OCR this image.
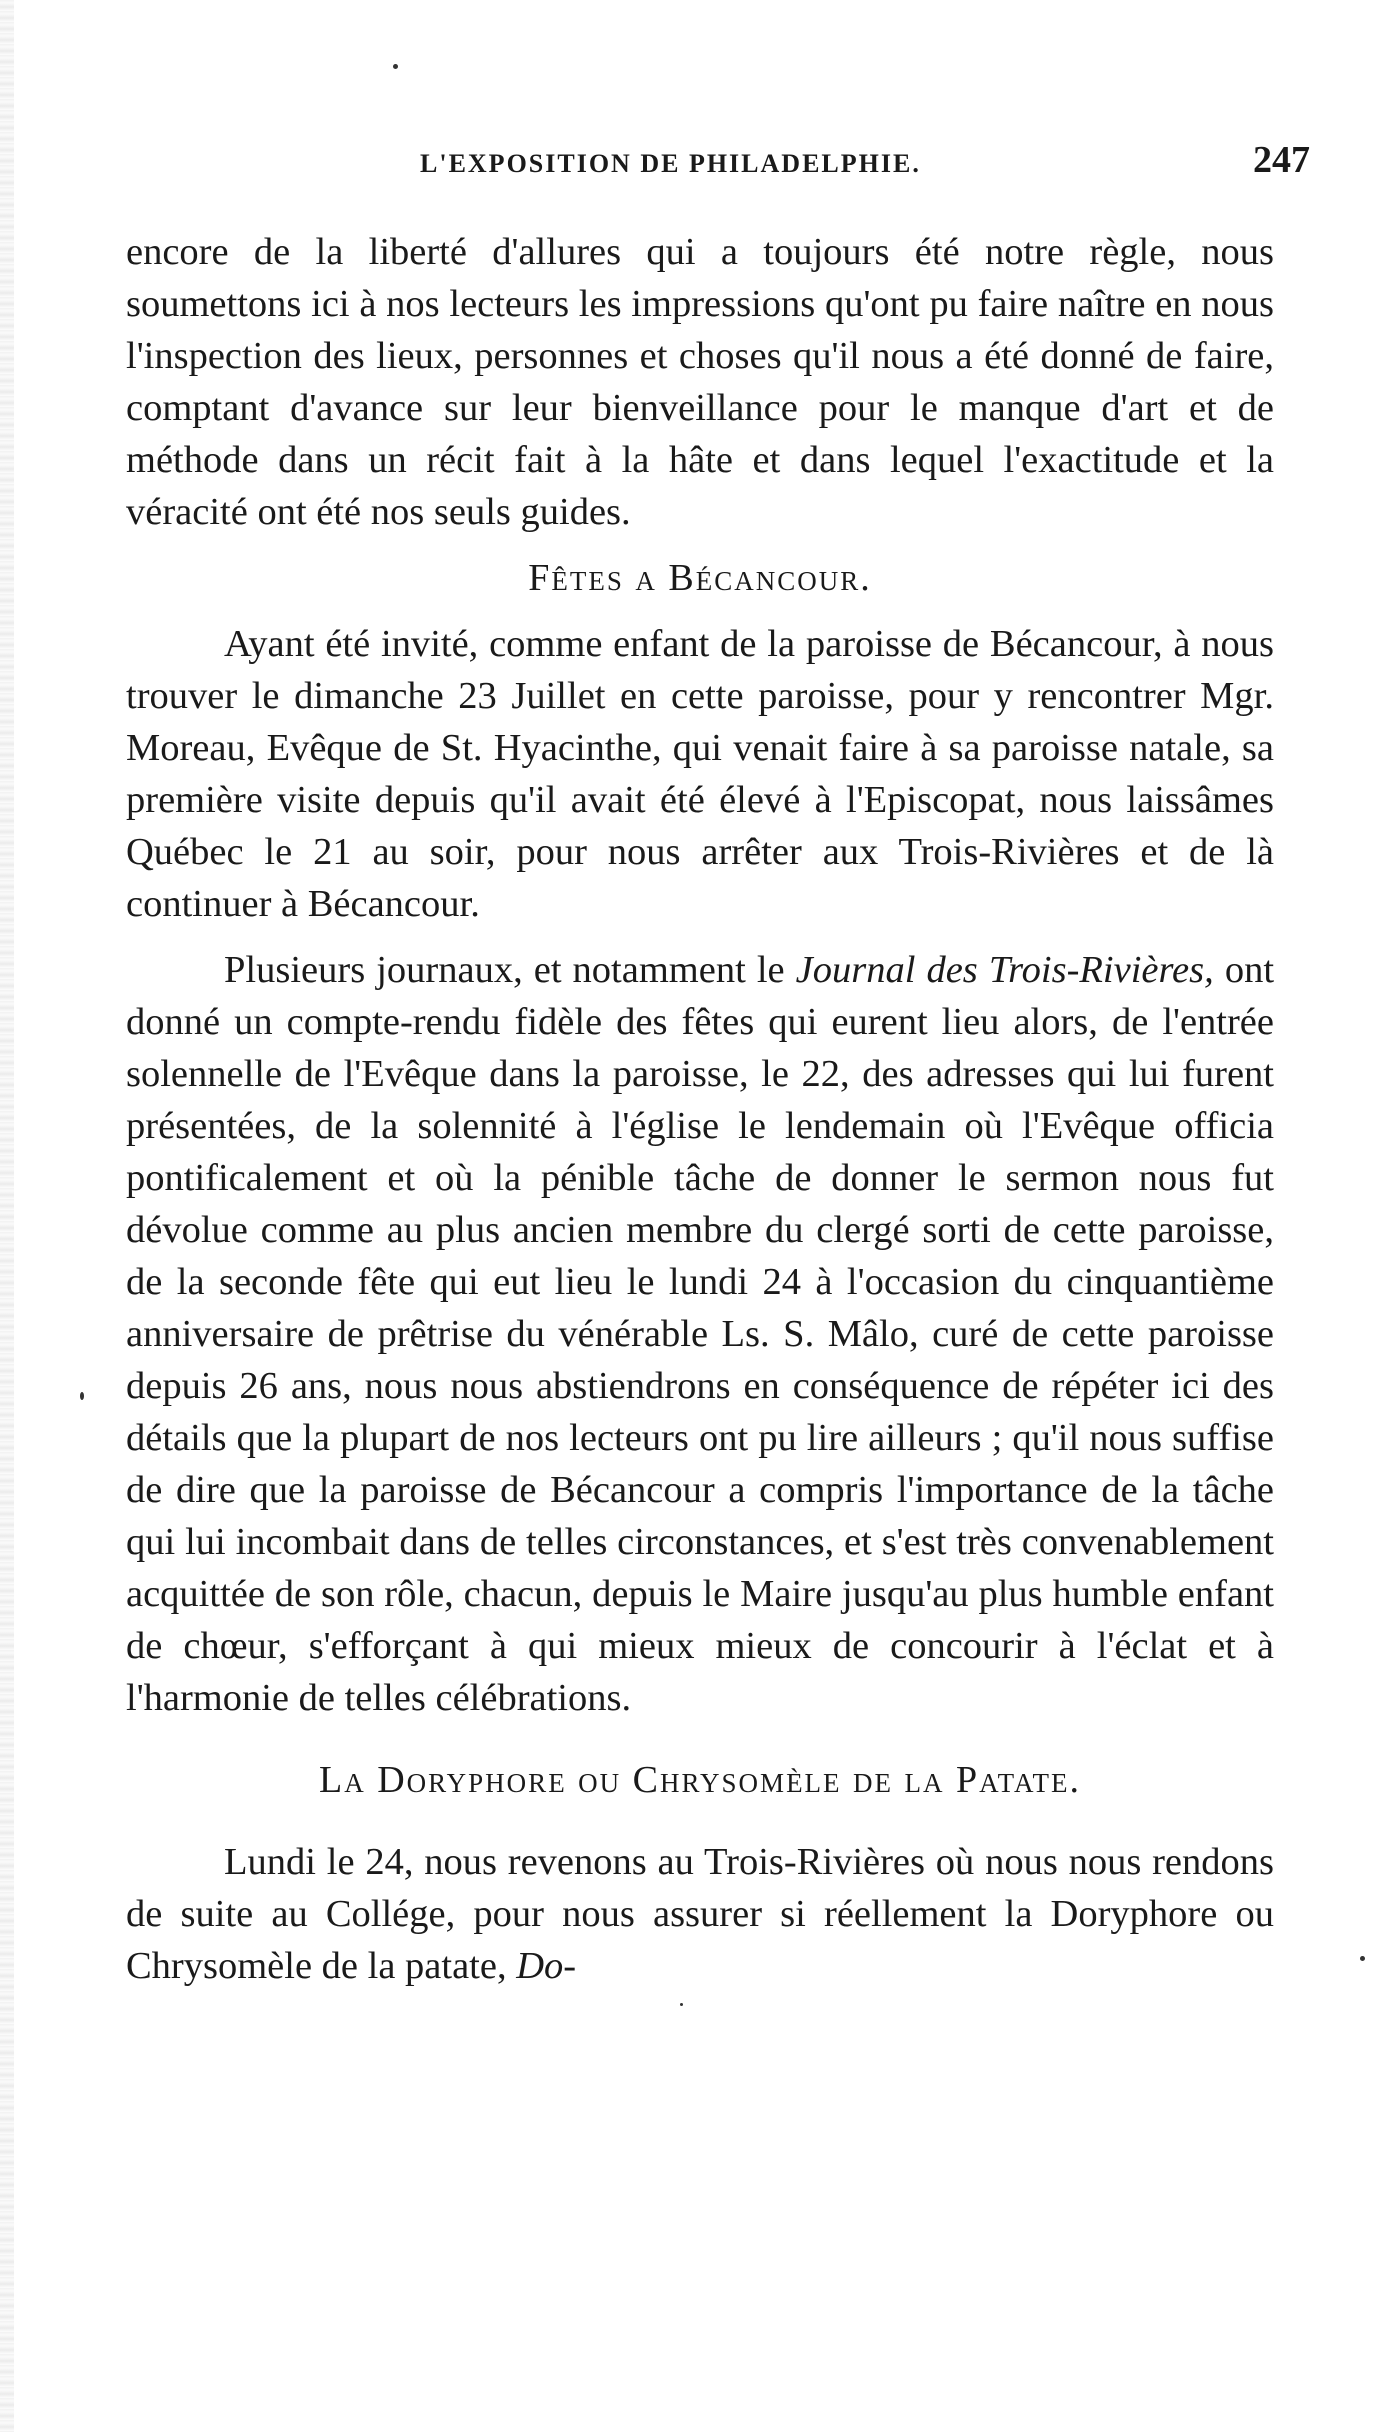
L'EXPOSITION DE PHILADELPHIE.	247

encore de la liberté d'allures qui a toujours été notre règle, nous soumettons ici à nos lecteurs les impressions qu'ont pu faire naître en nous l'inspection des lieux, personnes et choses qu'il nous a été donné de faire, comptant d'avance sur leur bienveillance pour le manque d'art et de méthode dans un récit fait à la hâte et dans lequel l'exactitude et la véracité ont été nos seuls guides.

Fêtes a Bécancour.

Ayant été invité, comme enfant de la paroisse de Bécancour, à nous trouver le dimanche 23 Juillet en cette paroisse, pour y rencontrer Mgr. Moreau, Evêque de St. Hyacinthe, qui venait faire à sa paroisse natale, sa première visite depuis qu'il avait été élevé à l'Episcopat, nous laissâmes Québec le 21 au soir, pour nous arrêter aux Trois-Rivières et de là continuer à Bécancour.

Plusieurs journaux, et notamment le Journal des Trois-Rivières, ont donné un compte-rendu fidèle des fêtes qui eurent lieu alors, de l'entrée solennelle de l'Evêque dans la paroisse, le 22, des adresses qui lui furent présentées, de la solennité à l'église le lendemain où l'Evêque officia pontificalement et où la pénible tâche de donner le sermon nous fut dévolue comme au plus ancien membre du clergé sorti de cette paroisse, de la seconde fête qui eut lieu le lundi 24 à l'occasion du cinquantième anniversaire de prêtrise du vénérable Ls. S. Mâlo, curé de cette paroisse depuis 26 ans, nous nous abstiendrons en conséquence de répéter ici des détails que la plupart de nos lecteurs ont pu lire ailleurs ; qu'il nous suffise de dire que la paroisse de Bécancour a compris l'importance de la tâche qui lui incombait dans de telles circonstances, et s'est très convenablement acquittée de son rôle, chacun, depuis le Maire jusqu'au plus humble enfant de chœur, s'efforçant à qui mieux mieux de concourir à l'éclat et à l'harmonie de telles célébrations.

La Doryphore ou Chrysomèle de la Patate.

Lundi le 24, nous revenons au Trois-Rivières où nous nous rendons de suite au Collége, pour nous assurer si réellement la Doryphore ou Chrysomèle de la patate, Do-
